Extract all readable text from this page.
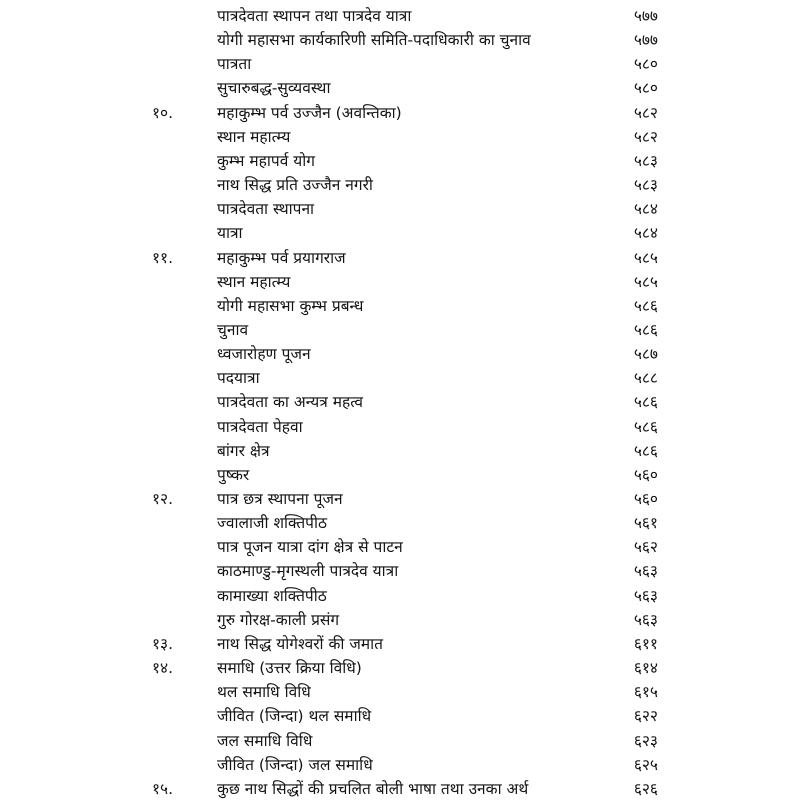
पात्रदेवता स्थापन तथा पात्रदेव यात्रा	५७७
योगी महासभा कार्यकारिणी समिति-पदाधिकारी का चुनाव	५७७
पात्रता	५८०
सुचारुबद्ध-सुव्यवस्था	५८०
१०.	महाकुम्भ पर्व उज्जैन (अवन्तिका)	५८२
स्थान महात्म्य	५८२
कुम्भ महापर्व योग	५८३
नाथ सिद्ध प्रति उज्जैन नगरी	५८३
पात्रदेवता स्थापना	५८४
यात्रा	५८४
११.	महाकुम्भ पर्व प्रयागराज	५८५
स्थान महात्म्य	५८५
योगी महासभा कुम्भ प्रबन्ध	५८६
चुनाव	५८६
ध्वजारोहण पूजन	५८७
पदयात्रा	५८८
पात्रदेवता का अन्यत्र महत्व	५८६
पात्रदेवता पेहवा	५८६
बांगर क्षेत्र	५८६
पुष्कर	५६०
१२.	पात्र छत्र स्थापना पूजन	५६०
ज्वालाजी शक्तिपीठ	५६१
पात्र पूजन यात्रा दांग क्षेत्र से पाटन	५६२
काठमाण्डु-मृगस्थली पात्रदेव यात्रा	५६३
कामाख्या शक्तिपीठ	५६३
गुरु गोरक्ष-काली प्रसंग	५६३
१३.	नाथ सिद्ध योगेश्वरों की जमात	६११
१४.	समाधि (उत्तर क्रिया विधि)	६१४
थल समाधि विधि	६१५
जीवित (जिन्दा) थल समाधि	६२२
जल समाधि विधि	६२३
जीवित (जिन्दा) जल समाधि	६२५
१५.	कुछ नाथ सिद्धों की प्रचलित बोली भाषा तथा उनका अर्थ	६२६
